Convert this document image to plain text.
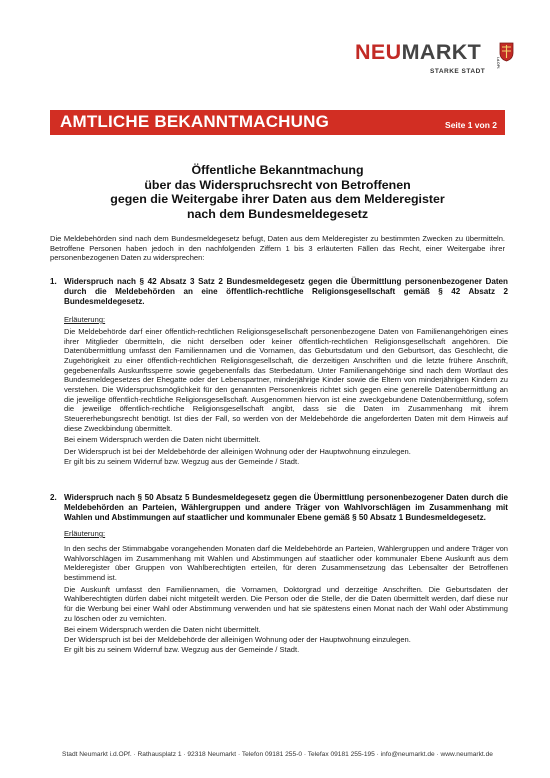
NEUMARKT	i.d.OPf.
STARKE STADT
AMTLICHE BEKANNTMACHUNG	Seite 1 von 2
Öffentliche Bekanntmachung
über das Widerspruchsrecht von Betroffenen
gegen die Weitergabe ihrer Daten aus dem Melderegister
nach dem Bundesmeldegesetz
Die Meldebehörden sind nach dem Bundesmeldegesetz befugt, Daten aus dem Melderegister zu bestimmten Zwecken zu übermitteln. Betroffene Personen haben jedoch in den nachfolgenden Ziffern 1 bis 3 erläuterten Fällen das Recht, einer Weitergabe ihrer personenbezogenen Daten zu widersprechen:
1. Widerspruch nach § 42 Absatz 3 Satz 2 Bundesmeldegesetz gegen die Übermittlung personenbezogener Daten durch die Meldebehörden an eine öffentlich-rechtliche Religionsgesellschaft gemäß § 42 Absatz 2 Bundesmeldegesetz.
Erläuterung:

Die Meldebehörde darf einer öffentlich-rechtlichen Religionsgesellschaft personenbezogene Daten von Familienangehörigen eines ihrer Mitglieder übermitteln, die nicht derselben oder keiner öffentlich-rechtlichen Religionsgesellschaft angehören. Die Datenübermittlung umfasst den Familiennamen und die Vornamen, das Geburtsdatum und den Geburtsort, das Geschlecht, die Zugehörigkeit zu einer öffentlich-rechtlichen Religionsgesellschaft, die derzeitigen Anschriften und die letzte frühere Anschrift, gegebenenfalls Auskunftssperre sowie gegebenenfalls das Sterbedatum. Unter Familienangehörige sind nach dem Wortlaut des Bundesmeldegesetzes der Ehegatte oder der Lebenspartner, minderjährige Kinder sowie die Eltern von minderjährigen Kindern zu verstehen. Die Widerspruchsmöglichkeit für den genannten Personenkreis richtet sich gegen eine generelle Datenübermittlung an die jeweilige öffentlich-rechtliche Religionsgesellschaft. Ausgenommen hiervon ist eine zweckgebundene Datenübermittlung, sofern die jeweilige öffentlich-rechtliche Religionsgesellschaft angibt, dass sie die Daten im Zusammenhang mit ihrem Steuererhebungsrecht benötigt. Ist dies der Fall, so werden von der Meldebehörde die angeforderten Daten mit dem Hinweis auf diese Zweckbindung übermittelt.

Bei einem Widerspruch werden die Daten nicht übermittelt.

Der Widerspruch ist bei der Meldebehörde der alleinigen Wohnung oder der Hauptwohnung einzulegen.
Er gilt bis zu seinem Widerruf bzw. Wegzug aus der Gemeinde / Stadt.

2. Widerspruch nach § 50 Absatz 5 Bundesmeldegesetz gegen die Übermittlung personenbezogener Daten durch die Meldebehörden an Parteien, Wählergruppen und andere Träger von Wahlvorschlägen im Zusammenhang mit Wahlen und Abstimmungen auf staatlicher und kommunaler Ebene gemäß § 50 Absatz 1 Bundesmeldegesetz.
Erläuterung:

In den sechs der Stimmabgabe vorangehenden Monaten darf die Meldebehörde an Parteien, Wählergruppen und andere Träger von Wahlvorschlägen im Zusammenhang mit Wahlen und Abstimmungen auf staatlicher oder kommunaler Ebene Auskunft aus dem Melderegister über Gruppen von Wahlberechtigten erteilen, für deren Zusammensetzung das Lebensalter der Betroffenen bestimmend ist.

Die Auskunft umfasst den Familiennamen, die Vornamen, Doktorgrad und derzeitige Anschriften. Die Geburtsdaten der Wahlberechtigten dürfen dabei nicht mitgeteilt werden. Die Person oder die Stelle, der die Daten übermittelt werden, darf diese nur für die Werbung bei einer Wahl oder Abstimmung verwenden und hat sie spätestens einen Monat nach der Wahl oder Abstimmung zu löschen oder zu vernichten.

Bei einem Widerspruch werden die Daten nicht übermittelt.
Der Widerspruch ist bei der Meldebehörde der alleinigen Wohnung oder der Hauptwohnung einzulegen.
Er gilt bis zu seinem Widerruf bzw. Wegzug aus der Gemeinde / Stadt.

Stadt Neumarkt i.d.OPf. · Rathausplatz 1 · 92318 Neumarkt · Telefon 09181 255-0 · Telefax 09181 255-195 · info@neumarkt.de · www.neumarkt.de
